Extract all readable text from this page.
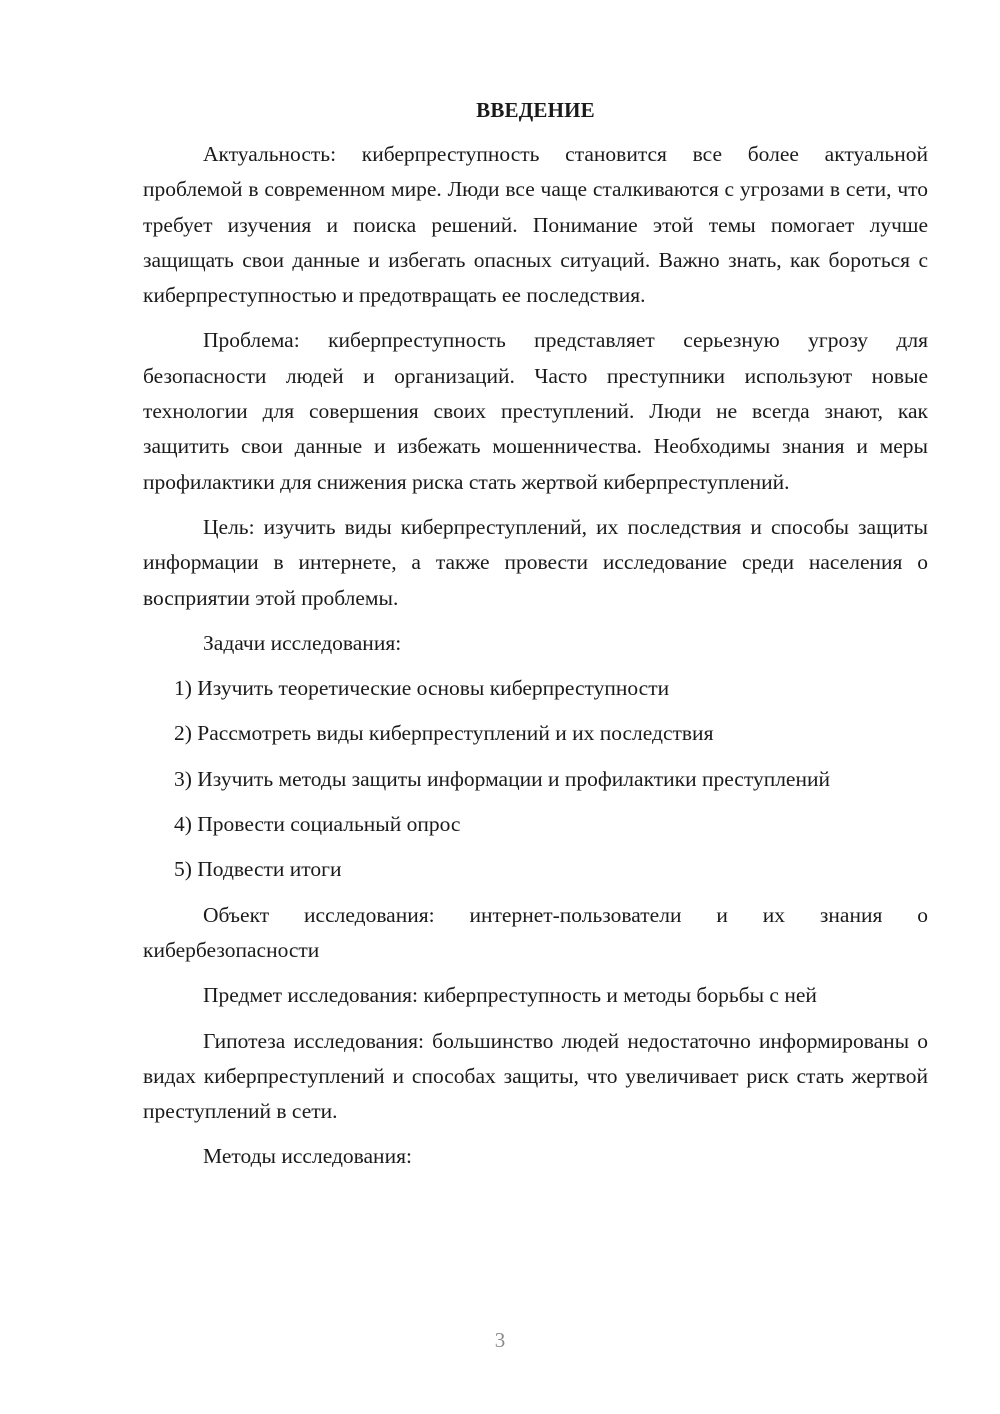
ВВЕДЕНИЕ

Актуальность: киберпреступность становится все более актуальной проблемой в современном мире. Люди все чаще сталкиваются с угрозами в сети, что требует изучения и поиска решений. Понимание этой темы помогает лучше защищать свои данные и избегать опасных ситуаций. Важно знать, как бороться с киберпреступностью и предотвращать ее последствия.

Проблема: киберпреступность представляет серьезную угрозу для безопасности людей и организаций. Часто преступники используют новые технологии для совершения своих преступлений. Люди не всегда знают, как защитить свои данные и избежать мошенничества. Необходимы знания и меры профилактики для снижения риска стать жертвой киберпреступлений.

Цель: изучить виды киберпреступлений, их последствия и способы защиты информации в интернете, а также провести исследование среди населения о восприятии этой проблемы.

Задачи исследования:

1) Изучить теоретические основы киберпреступности

2) Рассмотреть виды киберпреступлений и их последствия

3) Изучить методы защиты информации и профилактики преступлений

4) Провести социальный опрос

5) Подвести итоги

Объект исследования: интернет-пользователи и их знания о кибербезопасности

Предмет исследования: киберпреступность и методы борьбы с ней

Гипотеза исследования: большинство людей недостаточно информированы о видах киберпреступлений и способах защиты, что увеличивает риск стать жертвой преступлений в сети.

Методы исследования:

3
